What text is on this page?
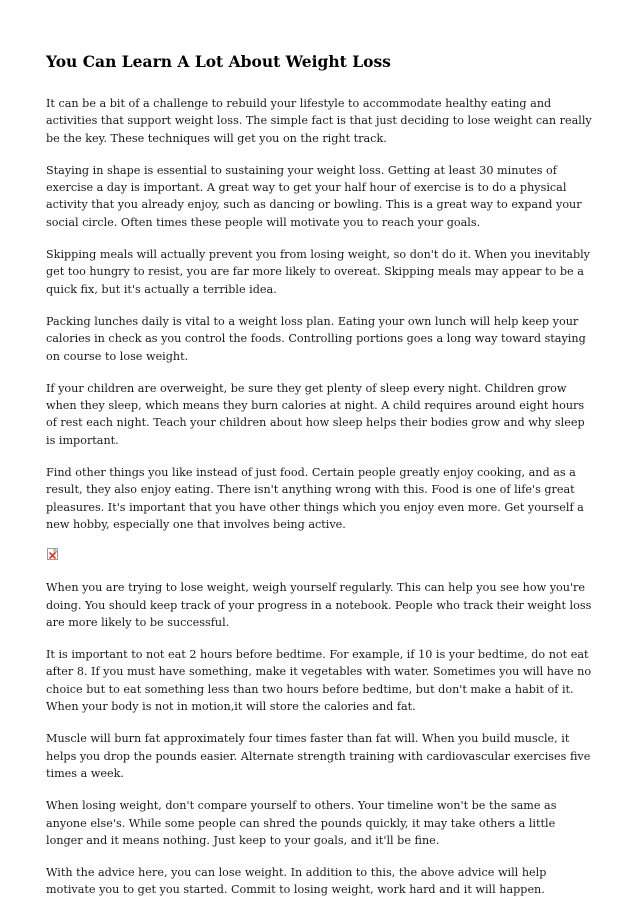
You Can Learn A Lot About Weight Loss

It can be a bit of a challenge to rebuild your lifestyle to accommodate healthy eating and activities that support weight loss. The simple fact is that just deciding to lose weight can really be the key. These techniques will get you on the right track.

Staying in shape is essential to sustaining your weight loss. Getting at least 30 minutes of exercise a day is important. A great way to get your half hour of exercise is to do a physical activity that you already enjoy, such as dancing or bowling. This is a great way to expand your social circle. Often times these people will motivate you to reach your goals.

Skipping meals will actually prevent you from losing weight, so don't do it. When you inevitably get too hungry to resist, you are far more likely to overeat. Skipping meals may appear to be a quick fix, but it's actually a terrible idea.

Packing lunches daily is vital to a weight loss plan. Eating your own lunch will help keep your calories in check as you control the foods. Controlling portions goes a long way toward staying on course to lose weight.

If your children are overweight, be sure they get plenty of sleep every night. Children grow when they sleep, which means they burn calories at night. A child requires around eight hours of rest each night. Teach your children about how sleep helps their bodies grow and why sleep is important.

Find other things you like instead of just food. Certain people greatly enjoy cooking, and as a result, they also enjoy eating. There isn't anything wrong with this. Food is one of life's great pleasures. It's important that you have other things which you enjoy even more. Get yourself a new hobby, especially one that involves being active.

When you are trying to lose weight, weigh yourself regularly. This can help you see how you're doing. You should keep track of your progress in a notebook. People who track their weight loss are more likely to be successful.

It is important to not eat 2 hours before bedtime. For example, if 10 is your bedtime, do not eat after 8. If you must have something, make it vegetables with water. Sometimes you will have no choice but to eat something less than two hours before bedtime, but don't make a habit of it. When your body is not in motion,it will store the calories and fat.

Muscle will burn fat approximately four times faster than fat will. When you build muscle, it helps you drop the pounds easier. Alternate strength training with cardiovascular exercises five times a week.

When losing weight, don't compare yourself to others. Your timeline won't be the same as anyone else's. While some people can shred the pounds quickly, it may take others a little longer and it means nothing. Just keep to your goals, and it'll be fine.

With the advice here, you can lose weight. In addition to this, the above advice will help motivate you to get you started. Commit to losing weight, work hard and it will happen.
